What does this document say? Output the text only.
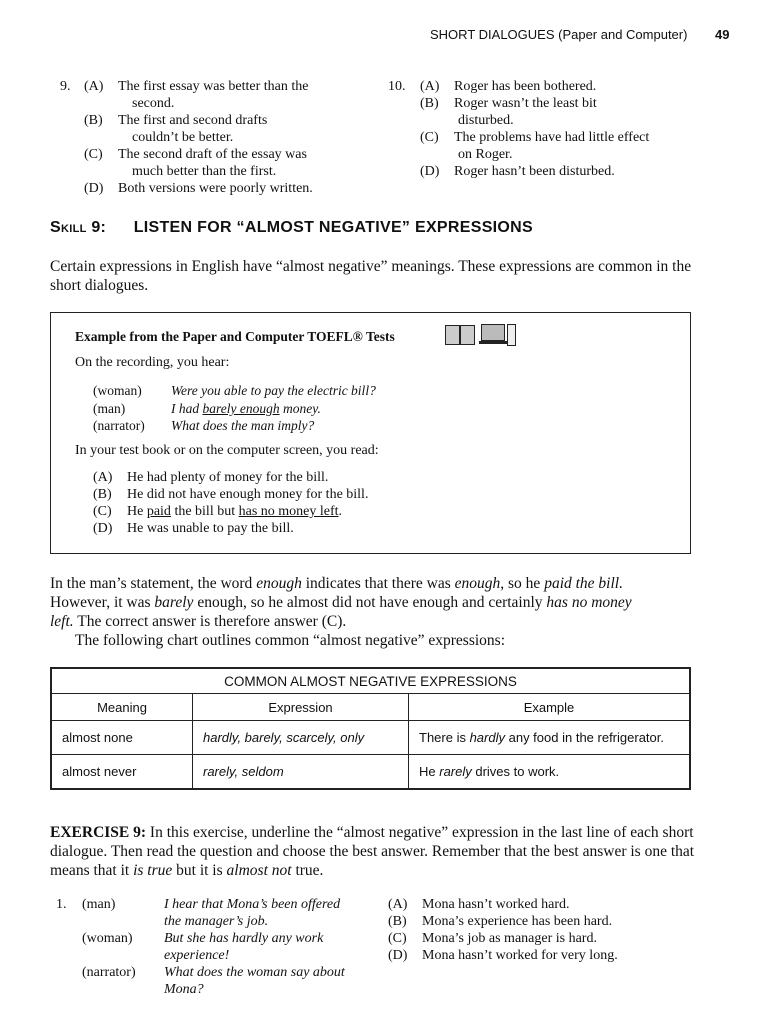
SHORT DIALOGUES (Paper and Computer) 49
9. (A)	The first essay was better than the
second.
(B)	The first and second drafts
couldn’t be better.
(C)	The second draft of the essay was
much better than the first.
(D)	Both versions were poorly written.
10.	(A)	Roger has been bothered.
(B)	Roger wasn’t the least bit
disturbed.
(C)	The problems have had little effect
on Roger.
(D)	Roger hasn’t been disturbed.
Skill 9: LISTEN FOR “ALMOST NEGATIVE” EXPRESSIONS
Certain expressions in English have “almost negative” meanings. These expressions are common in the short dialogues.
Example from the Paper and Computer TOEFL® Tests
On the recording, you hear:
(woman)	Were you able to pay the electric bill?
(man)	I had barely enough money.
(narrator)	What does the man imply?
In your test book or on the computer screen, you read:
(A)	He had plenty of money for the bill.
(B)	He did not have enough money for the bill.
(C)	He paid the bill but has no money left.
(D)	He was unable to pay the bill.
In the man’s statement, the word enough indicates that there was enough, so he paid the bill.
However, it was barely enough, so he almost did not have enough and certainly has no money
left. The correct answer is therefore answer (C).
The following chart outlines common “almost negative” expressions:
COMMON ALMOST NEGATIVE EXPRESSIONS		
Meaning	Expression	Example
almost none	hardly, barely, scarcely, only	There is hardly any food in the refrigerator.
almost never	rarely, seldom	He rarely drives to work.
EXERCISE 9: In this exercise, underline the “almost negative” expression in the last line of each short dialogue. Then read the question and choose the best answer. Remember that the best answer is one that means that it is true but it is almost not true.
1.	(man)	I hear that Mona’s been offered
the manager’s job.
(woman)	But she has hardly any work
experience!
(narrator)	What does the woman say about
Mona?
(A)	Mona hasn’t worked hard.
(B)	Mona’s experience has been hard.
(C)	Mona’s job as manager is hard.
(D)	Mona hasn’t worked for very long.
